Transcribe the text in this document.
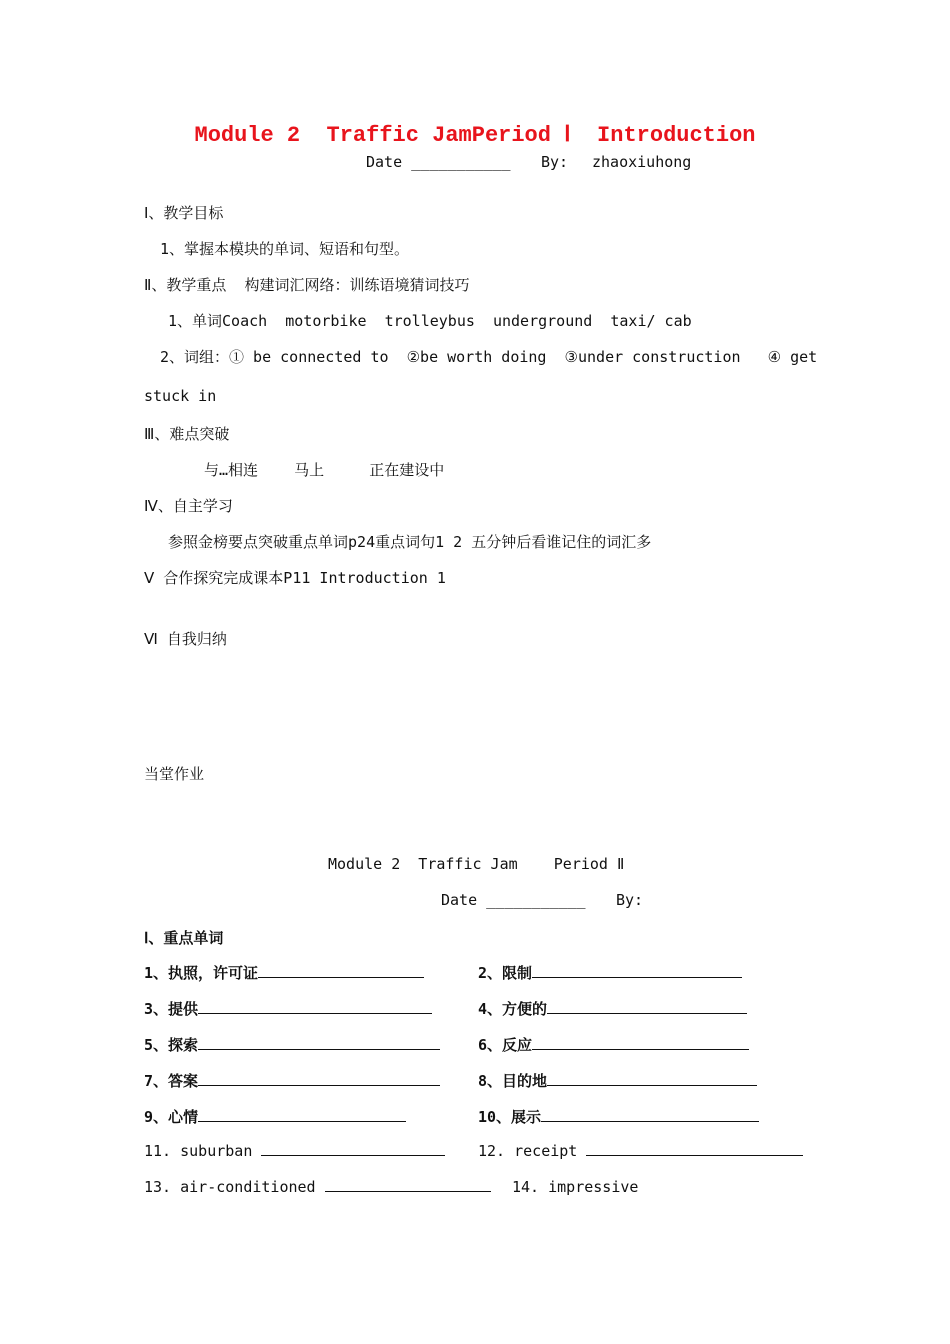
Module 2  Traffic JamPeriod Ⅰ  Introduction
Date ___________ By: zhaoxiuhong
Ⅰ、教学目标
1、掌握本模块的单词、短语和句型。
Ⅱ、教学重点  构建词汇网络：训练语境猜词技巧
1、单词Coach  motorbike  trolleybus  underground  taxi/ cab
2、词组：① be connected to  ②be worth doing  ③under construction   ④ get
stuck in
Ⅲ、难点突破
与…相连    马上     正在建设中
Ⅳ、自主学习
参照金榜要点突破重点单词p24重点词句1 2 五分钟后看谁记住的词汇多
Ⅴ 合作探究完成课本P11 Introduction 1
Ⅵ 自我归纳
当堂作业
Module 2  Traffic Jam    Period Ⅱ
Date ___________ By:
Ⅰ、重点单词
1、执照，许可证	2、限制
3、提供	4、方便的
5、探索	6、反应
7、答案	8、目的地
9、心情	10、展示
11. suburban	12. receipt
13. air-conditioned	14. impressive
